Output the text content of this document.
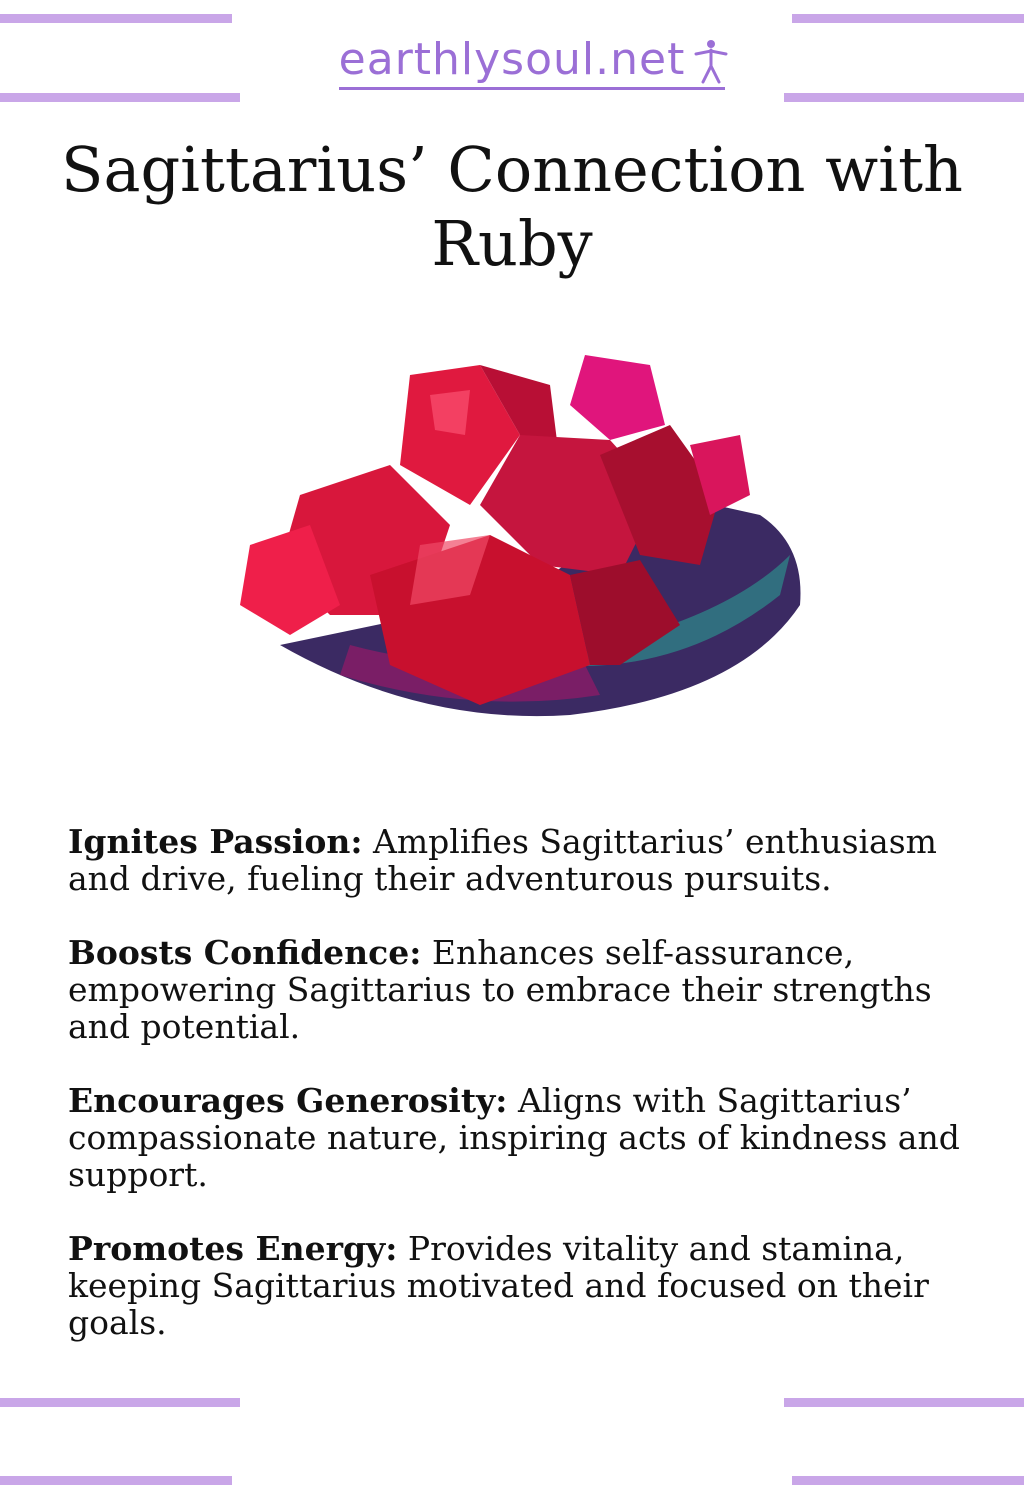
earthlysoul.net
Sagittarius’ Connection with Ruby

Ignites Passion: Amplifies Sagittarius’ enthusiasm and drive, fueling their adventurous pursuits.

Boosts Confidence: Enhances self-assurance, empowering Sagittarius to embrace their strengths and potential.

Encourages Generosity: Aligns with Sagittarius’ compassionate nature, inspiring acts of kindness and support.

Promotes Energy: Provides vitality and stamina, keeping Sagittarius motivated and focused on their goals.
